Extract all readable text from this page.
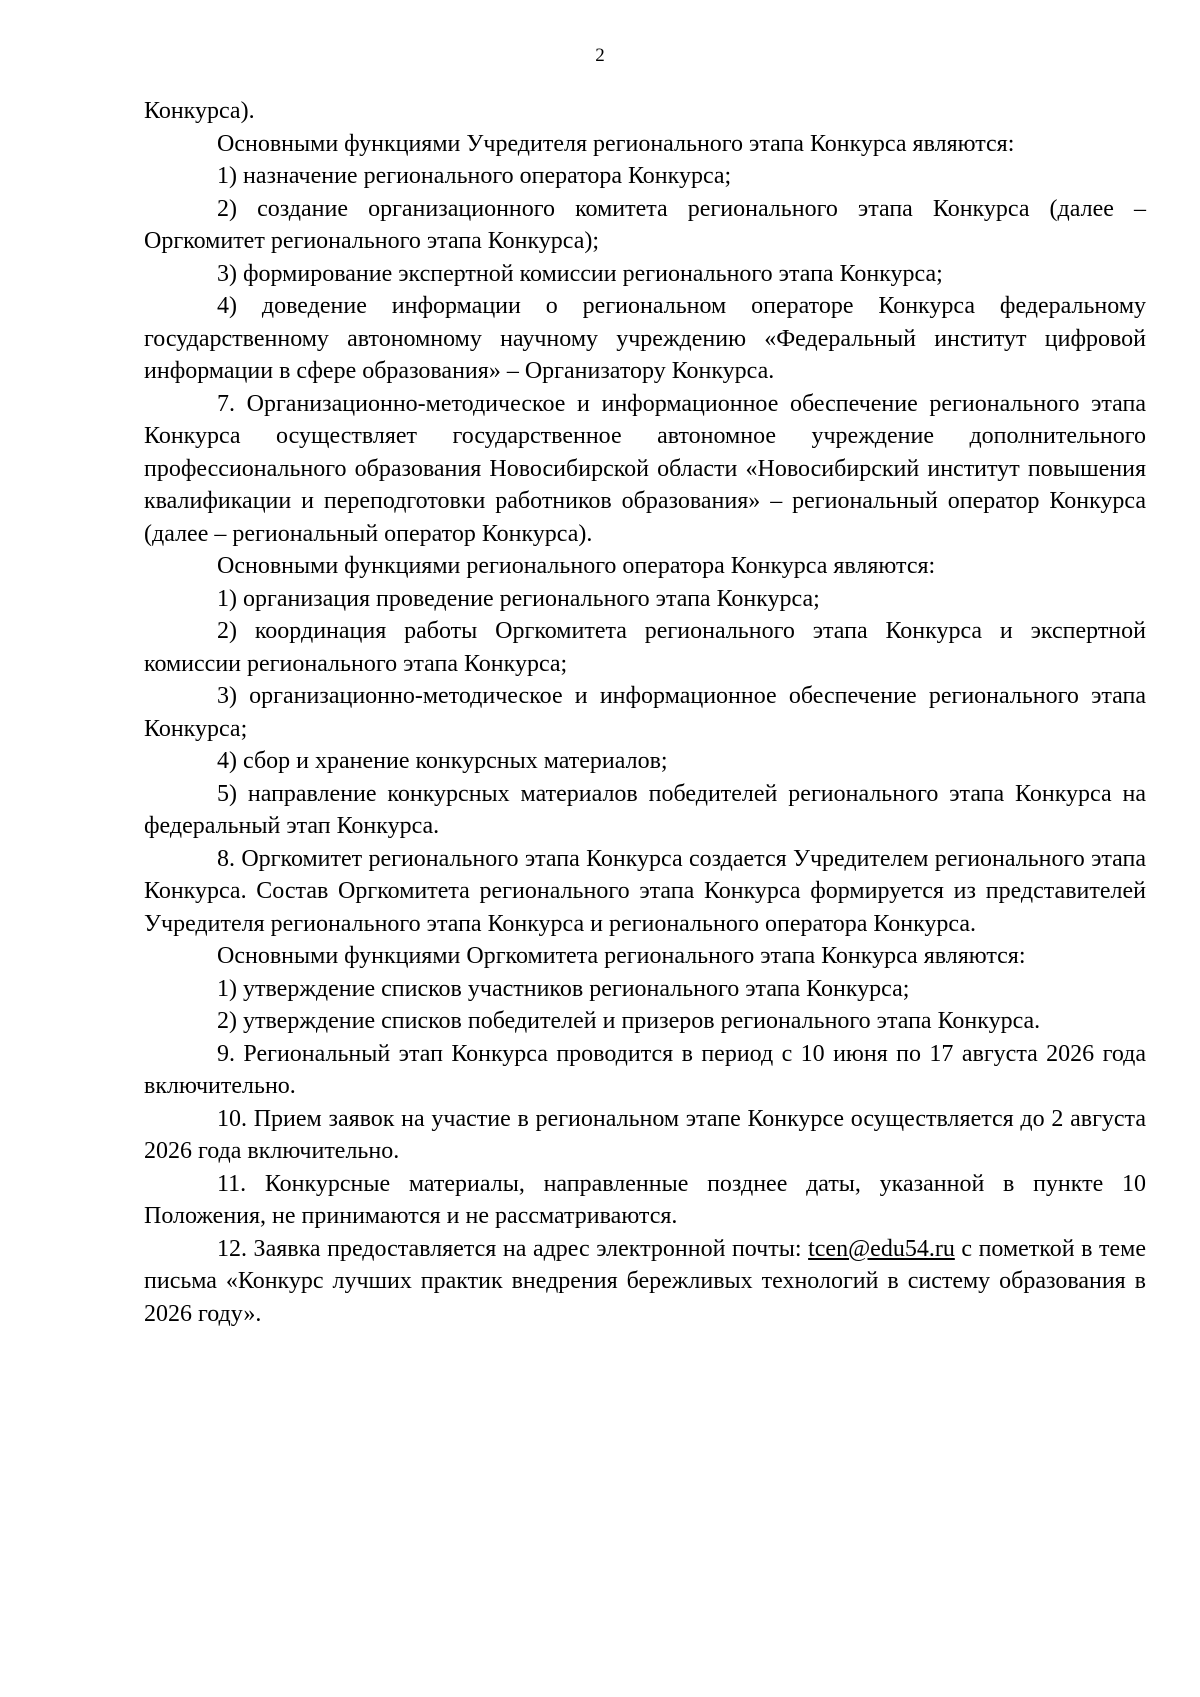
2

Конкурса).

Основными функциями Учредителя регионального этапа Конкурса являются:

1) назначение регионального оператора Конкурса;

2) создание организационного комитета регионального этапа Конкурса (далее – Оргкомитет регионального этапа Конкурса);

3) формирование экспертной комиссии регионального этапа Конкурса;

4) доведение информации о региональном операторе Конкурса федеральному государственному автономному научному учреждению «Федеральный институт цифровой информации в сфере образования» – Организатору Конкурса.

7. Организационно-методическое и информационное обеспечение регионального этапа Конкурса осуществляет государственное автономное учреждение дополнительного профессионального образования Новосибирской области «Новосибирский институт повышения квалификации и переподготовки работников образования» – региональный оператор Конкурса (далее – региональный оператор Конкурса).

Основными функциями регионального оператора Конкурса являются:

1) организация проведение регионального этапа Конкурса;

2) координация работы Оргкомитета регионального этапа Конкурса и экспертной комиссии регионального этапа Конкурса;

3) организационно-методическое и информационное обеспечение регионального этапа Конкурса;

4) сбор и хранение конкурсных материалов;

5) направление конкурсных материалов победителей регионального этапа Конкурса на федеральный этап Конкурса.

8. Оргкомитет регионального этапа Конкурса создается Учредителем регионального этапа Конкурса. Состав Оргкомитета регионального этапа Конкурса формируется из представителей Учредителя регионального этапа Конкурса и регионального оператора Конкурса.

Основными функциями Оргкомитета регионального этапа Конкурса являются:

1) утверждение списков участников регионального этапа Конкурса;

2) утверждение списков победителей и призеров регионального этапа Конкурса.

9. Региональный этап Конкурса проводится в период с 10 июня по 17 августа 2026 года включительно.

10. Прием заявок на участие в региональном этапе Конкурсе осуществляется до 2 августа 2026 года включительно.

11. Конкурсные материалы, направленные позднее даты, указанной в пункте 10 Положения, не принимаются и не рассматриваются.

12. Заявка предоставляется на адрес электронной почты: tcen@edu54.ru с пометкой в теме письма «Конкурс лучших практик внедрения бережливых технологий в систему образования в 2026 году».
